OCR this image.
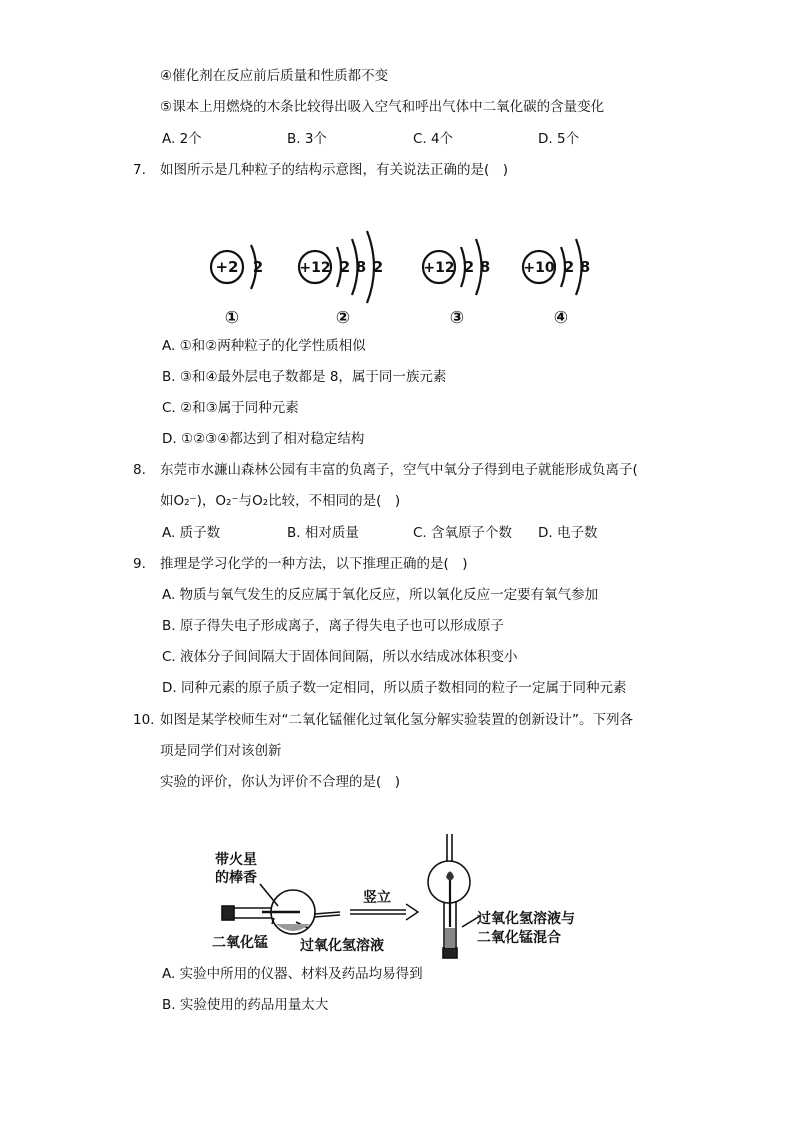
④催化剂在反应前后质量和性质都不变
⑤课本上用燃烧的木条比较得出吸入空气和呼出气体中二氧化碳的含量变化
A. 2个	B. 3个	C. 4个	D. 5个
7. 如图所示是几种粒子的结构示意图，有关说法正确的是(　)
+2 2
①
+12 2 8 2
②
+12 2 8
③
+10 2 8
④
A. ①和②两种粒子的化学性质相似
B. ③和④最外层电子数都是 8，属于同一族元素
C. ②和③属于同种元素
D. ①②③④都达到了相对稳定结构
8. 东莞市水濂山森林公园有丰富的负离子，空气中氧分子得到电子就能形成负离子(
如O₂⁻)，O₂⁻与O₂比较，不相同的是(　)
A. 质子数	B. 相对质量	C. 含氧原子个数 D. 电子数
9. 推理是学习化学的一种方法，以下推理正确的是(　)
A. 物质与氧气发生的反应属于氧化反应，所以氧化反应一定要有氧气参加
B. 原子得失电子形成离子，离子得失电子也可以形成原子
C. 液体分子间间隔大于固体间间隔，所以水结成冰体积变小
D. 同种元素的原子质子数一定相同，所以质子数相同的粒子一定属于同种元素
10. 如图是某学校师生对“二氧化锰催化过氧化氢分解实验装置的创新设计”。下列各
项是同学们对该创新
实验的评价，你认为评价不合理的是(　)
带火星
的棒香
二氧化锰 过氧化氢溶液
竖立
过氧化氢溶液与
二氧化锰混合
A. 实验中所用的仪器、材料及药品均易得到
B. 实验使用的药品用量太大
